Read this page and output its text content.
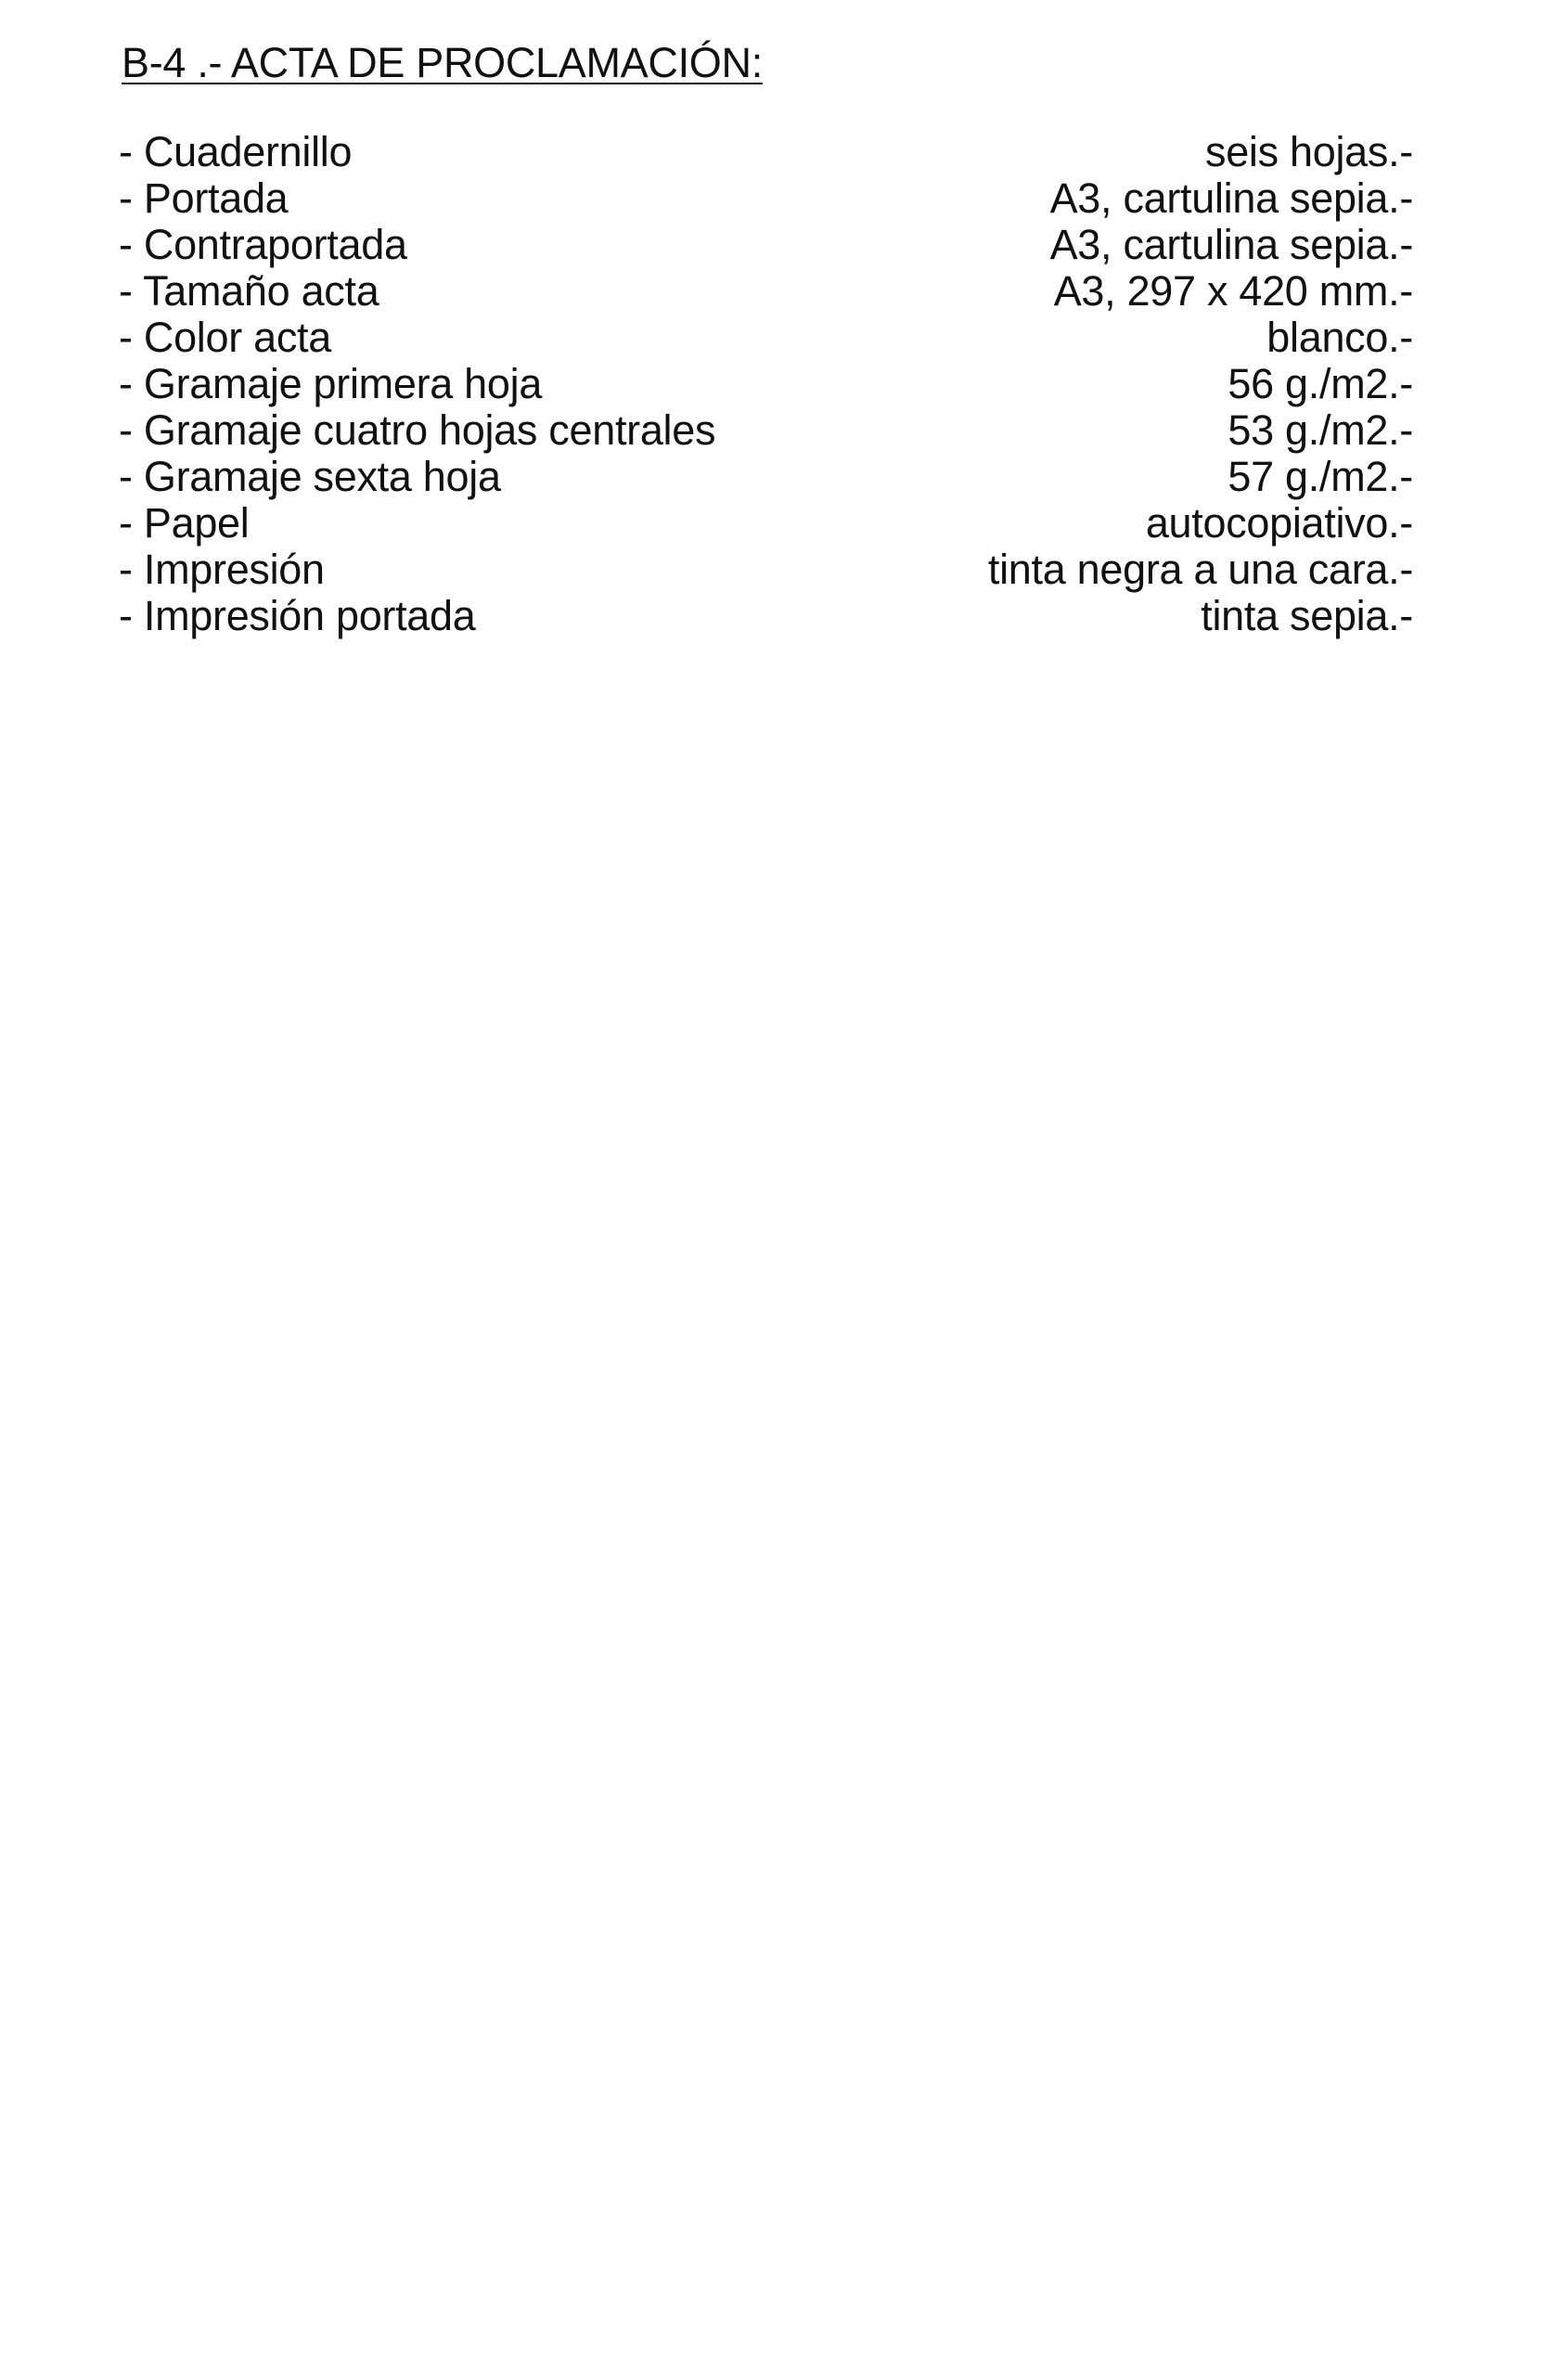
B-4 .- ACTA DE PROCLAMACIÓN:
- Cuadernillo	seis hojas.-
- Portada	A3, cartulina sepia.-
- Contraportada	A3, cartulina sepia.-
- Tamaño acta	A3, 297 x 420 mm.-
- Color acta	blanco.-
- Gramaje primera hoja	56 g./m2.-
- Gramaje cuatro hojas centrales	53 g./m2.-
- Gramaje sexta hoja	57 g./m2.-
- Papel	autocopiativo.-
- Impresión	tinta negra a una cara.-
- Impresión portada	tinta sepia.-
